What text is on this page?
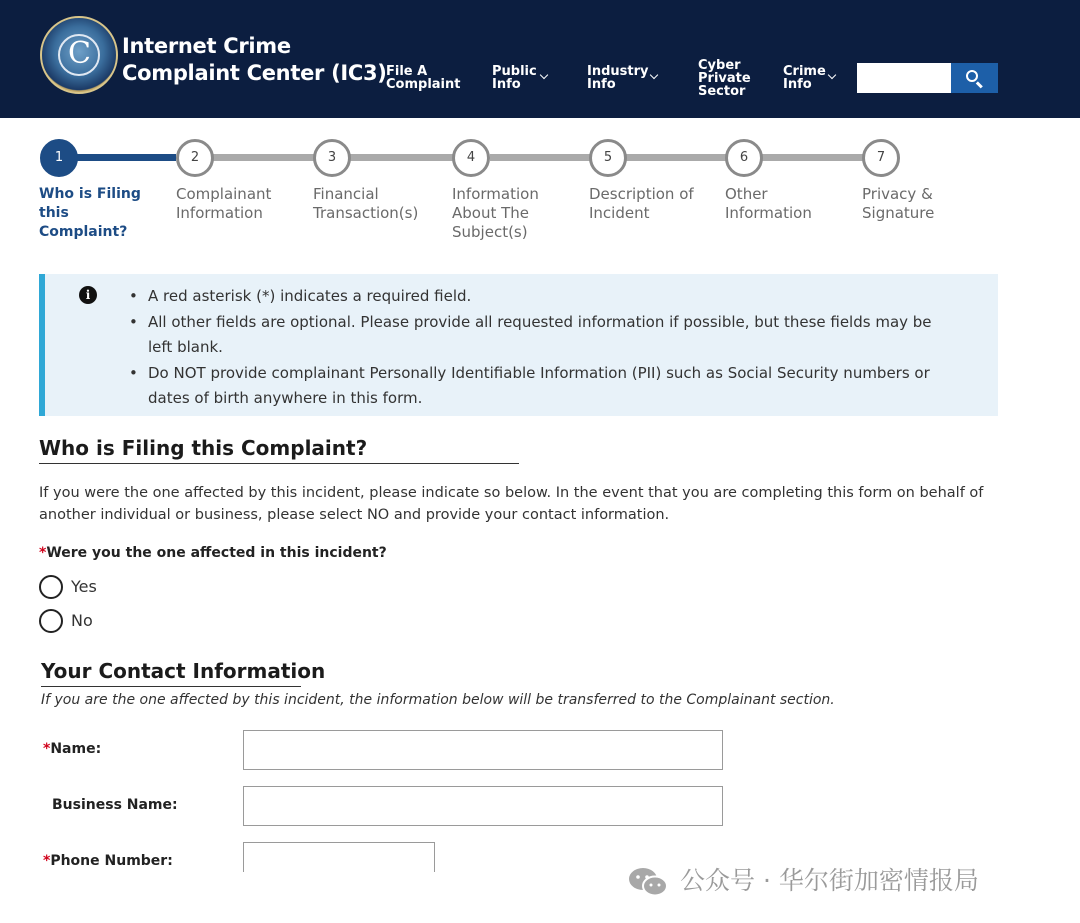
C Internet Crime
Complaint Center (IC3) File A
Complaint
Public
Info
Industry
Info
Cyber
Private
Sector
Crime
Info
1	2	3	4	5	6	7
Who is Filing
this
Complaint?
Complainant
Information
Financial
Transaction(s)
Information
About The
Subject(s)
Description of
Incident
Other
Information
Privacy &
Signature
i
•	A red asterisk (*) indicates a required field.
• All other fields are optional. Please provide all requested information if possible, but these fields may be left blank.
• Do NOT provide complainant Personally Identifiable Information (PII) such as Social Security numbers or dates of birth anywhere in this form.
Who is Filing this Complaint?
If you were the one affected by this incident, please indicate so below. In the event that you are completing this form on behalf of another individual or business, please select NO and provide your contact information.
*Were you the one affected in this incident?
Yes
No
Your Contact Information
If you are the one affected by this incident, the information below will be transferred to the Complainant section.
*Name:
Business Name:
*Phone Number:
公众号 · 华尔街加密情报局
